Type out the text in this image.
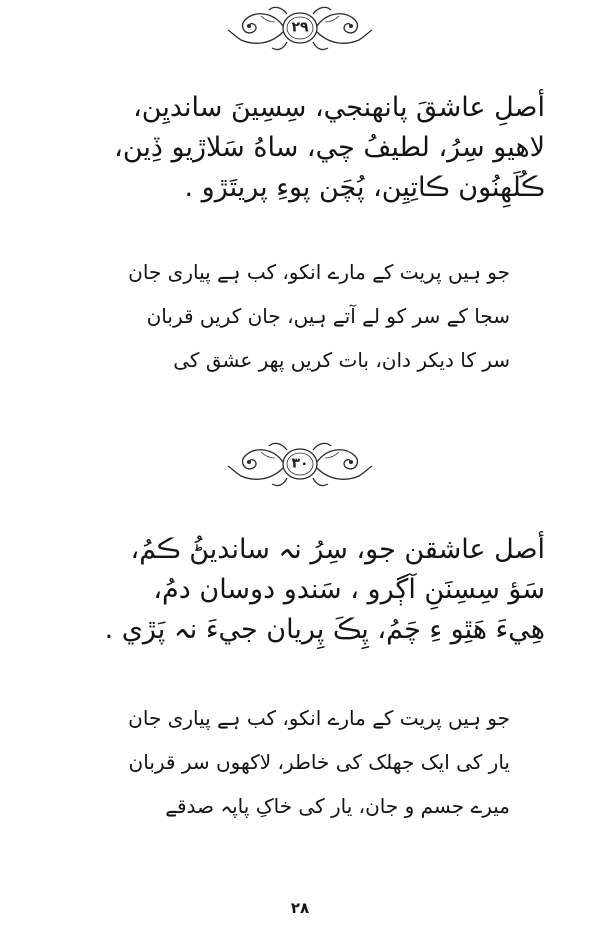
۲۹
أصلِ عاشقَ پانهنجي، سِسِينَ سانديِن،
لاهيو سِرُ، لطيفُ چي، ساهُ سَلاڙيو ڏِين،
ڪُلَهِنُون ڪاتِيِن، پُچَن پوءِ پريتَڙو .
جو ہیں پریت کے مارے انکو، کب ہے پیاری جان
سجا کے سر کو لے آتے ہیں، جان کریں قربان
سر کا دیکر دان، بات کریں پھر عشق کی
۳۰
أصل عاشقن جو، سِرُ نہ سانديڻُ ڪمُ،
سَؤ سِسِنَنِ آڳرو ، سَندو دوسان دمُ،
هِيءَ هَٿِو ءِ چَمُ، پِڪَ پِريان جيءَ نہ پَڙي .
جو ہیں پریت کے مارے انکو، کب ہے پیاری جان
یار کی ایک جھلک کی خاطر، لاکھوں سر قربان
میرے جسم و جان، یار کی خاکِ پاپہ صدقے
۲۸
